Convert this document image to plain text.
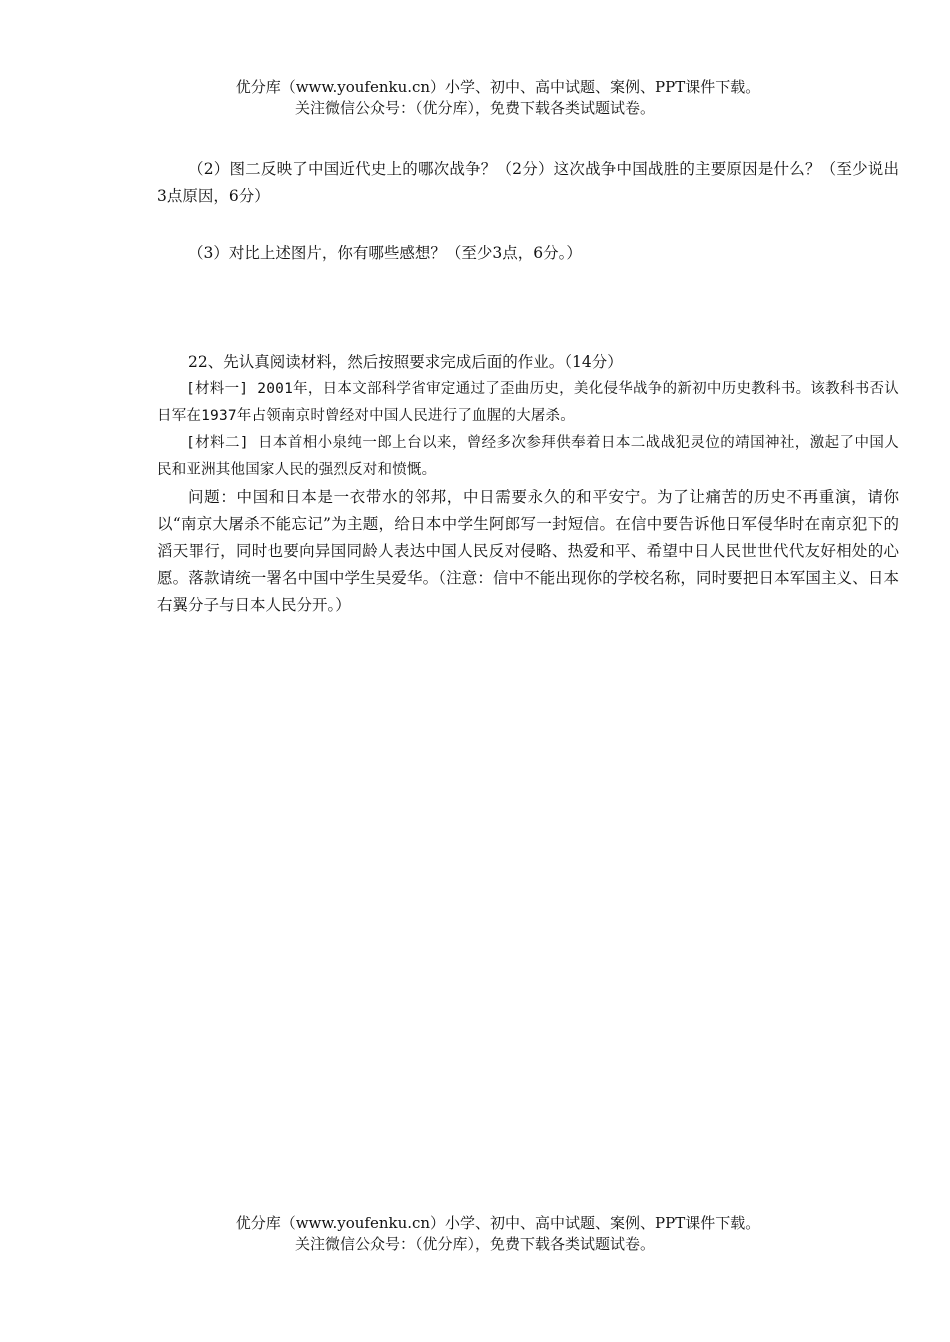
优分库（www.youfenku.cn）小学、初中、高中试题、案例、PPT课件下载。
关注微信公众号：（优分库），免费下载各类试题试卷。

（2）图二反映了中国近代史上的哪次战争？（2分）这次战争中国战胜的主要原因是什么？（至少说出3点原因，6分）

（3）对比上述图片，你有哪些感想？（至少3点，6分。）

22、先认真阅读材料，然后按照要求完成后面的作业。（14分）

[材料一] 2001年，日本文部科学省审定通过了歪曲历史，美化侵华战争的新初中历史教科书。该教科书否认日军在1937年占领南京时曾经对中国人民进行了血腥的大屠杀。

[材料二] 日本首相小泉纯一郎上台以来，曾经多次参拜供奉着日本二战战犯灵位的靖国神社，激起了中国人民和亚洲其他国家人民的强烈反对和愤慨。

问题：中国和日本是一衣带水的邻邦，中日需要永久的和平安宁。为了让痛苦的历史不再重演，请你以“南京大屠杀不能忘记”为主题，给日本中学生阿郎写一封短信。在信中要告诉他日军侵华时在南京犯下的滔天罪行，同时也要向异国同龄人表达中国人民反对侵略、热爱和平、希望中日人民世世代代友好相处的心愿。落款请统一署名中国中学生吴爱华。（注意：信中不能出现你的学校名称，同时要把日本军国主义、日本右翼分子与日本人民分开。）

优分库（www.youfenku.cn）小学、初中、高中试题、案例、PPT课件下载。
关注微信公众号：（优分库），免费下载各类试题试卷。
